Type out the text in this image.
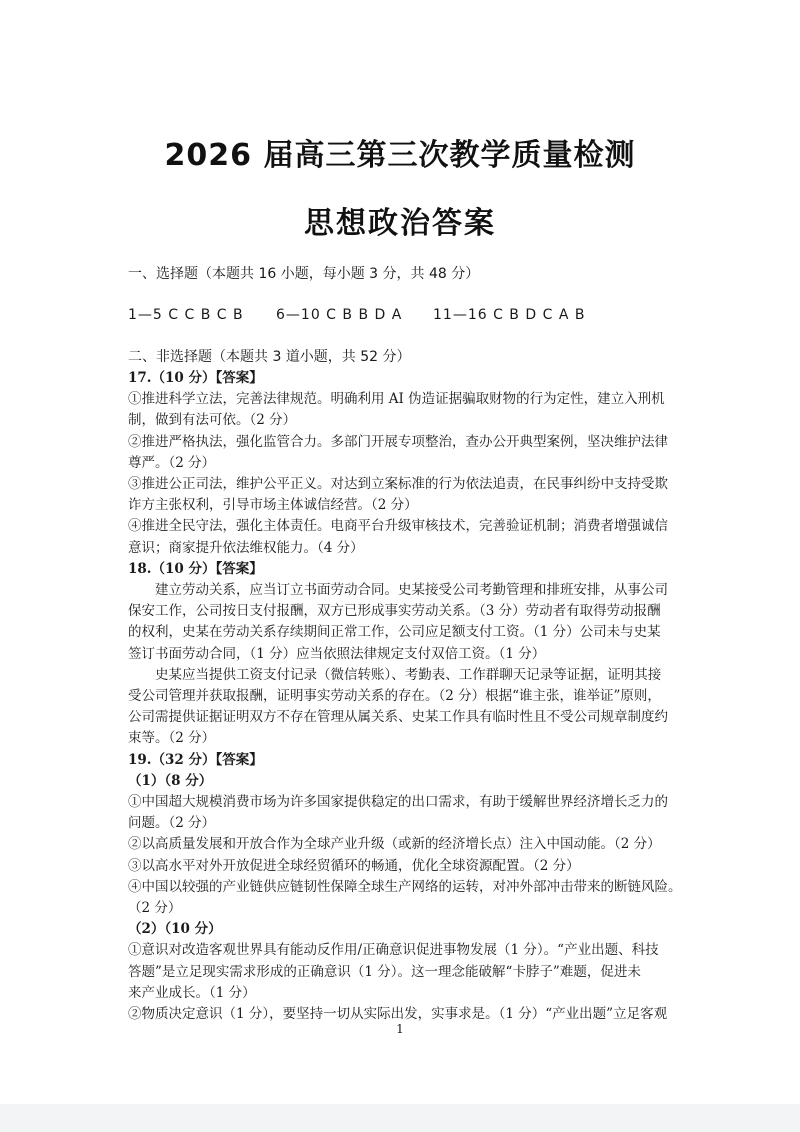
2026 届高三第三次教学质量检测
思想政治答案
一、选择题（本题共 16 小题，每小题 3 分，共 48 分）
1—5 C C B C B 6—10 C B B D A 11—16 C B D C A B
二、非选择题（本题共 3 道小题，共 52 分）
17.（10 分）【答案】
①推进科学立法，完善法律规范。明确利用 AI 伪造证据骗取财物的行为定性，建立入刑机
制，做到有法可依。（2 分）
②推进严格执法，强化监管合力。多部门开展专项整治，查办公开典型案例，坚决维护法律
尊严。（2 分）
③推进公正司法，维护公平正义。对达到立案标准的行为依法追责，在民事纠纷中支持受欺
诈方主张权利，引导市场主体诚信经营。（2 分）
④推进全民守法，强化主体责任。电商平台升级审核技术，完善验证机制；消费者增强诚信
意识；商家提升依法维权能力。（4 分）
18.（10 分）【答案】
　　建立劳动关系，应当订立书面劳动合同。史某接受公司考勤管理和排班安排，从事公司
保安工作，公司按日支付报酬，双方已形成事实劳动关系。（3 分）劳动者有取得劳动报酬
的权利，史某在劳动关系存续期间正常工作，公司应足额支付工资。（1 分）公司未与史某
签订书面劳动合同，（1 分）应当依照法律规定支付双倍工资。（1 分）
　　史某应当提供工资支付记录（微信转账）、考勤表、工作群聊天记录等证据，证明其接
受公司管理并获取报酬，证明事实劳动关系的存在。（2 分）根据“谁主张，谁举证”原则，
公司需提供证据证明双方不存在管理从属关系、史某工作具有临时性且不受公司规章制度约
束等。（2 分）
19.（32 分）【答案】
（1）（8 分）
①中国超大规模消费市场为许多国家提供稳定的出口需求，有助于缓解世界经济增长乏力的
问题。（2 分）
②以高质量发展和开放合作为全球产业升级（或新的经济增长点）注入中国动能。（2 分）
③以高水平对外开放促进全球经贸循环的畅通，优化全球资源配置。（2 分）
④中国以较强的产业链供应链韧性保障全球生产网络的运转，对冲外部冲击带来的断链风险。
（2 分）
（2）（10 分）
①意识对改造客观世界具有能动反作用/正确意识促进事物发展（1 分）。“产业出题、科技
答题”是立足现实需求形成的正确意识（1 分）。这一理念能破解“卡脖子”难题，促进未
来产业成长。（1 分）
②物质决定意识（1 分），要坚持一切从实际出发，实事求是。（1 分）“产业出题”立足客观
1
